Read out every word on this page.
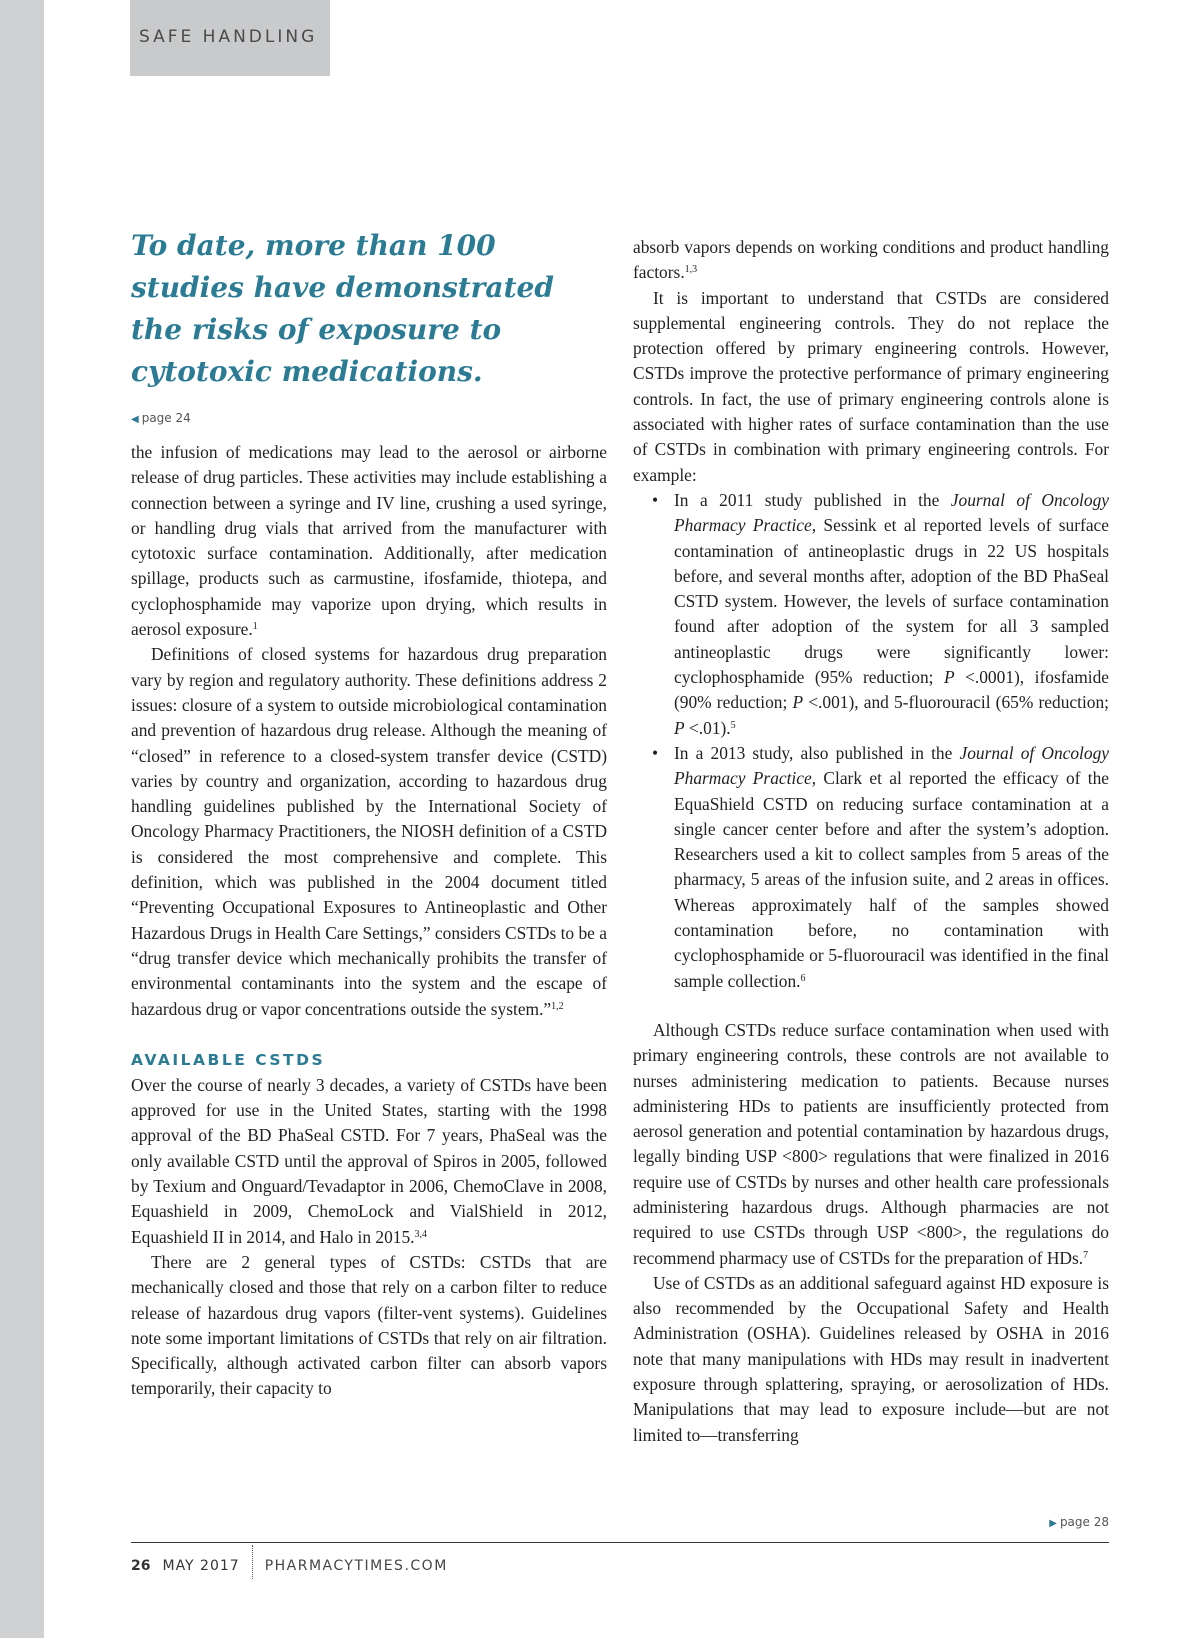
SAFE HANDLING
To date, more than 100 studies have demonstrated the risks of exposure to cytotoxic medications.
◀ page 24

the infusion of medications may lead to the aerosol or airborne release of drug particles. These activities may include establishing a connection between a syringe and IV line, crushing a used syringe, or handling drug vials that arrived from the manufacturer with cytotoxic surface contamination. Additionally, after medication spillage, products such as carmustine, ifosfamide, thiotepa, and cyclophosphamide may vaporize upon drying, which results in aerosol exposure.$^1$

Definitions of closed systems for hazardous drug preparation vary by region and regulatory authority. These definitions address 2 issues: closure of a system to outside microbiological contamination and prevention of hazardous drug release. Although the meaning of “closed” in reference to a closed-system transfer device (CSTD) varies by country and organization, according to hazardous drug handling guidelines published by the International Society of Oncology Pharmacy Practitioners, the NIOSH definition of a CSTD is considered the most comprehensive and complete. This definition, which was published in the 2004 document titled “Preventing Occupational Exposures to Antineoplastic and Other Hazardous Drugs in Health Care Settings,” considers CSTDs to be a “drug transfer device which mechanically prohibits the transfer of environmental contaminants into the system and the escape of hazardous drug or vapor concentrations outside the system.”$^{1,2}$

AVAILABLE CSTDS

Over the course of nearly 3 decades, a variety of CSTDs have been approved for use in the United States, starting with the 1998 approval of the BD PhaSeal CSTD. For 7 years, PhaSeal was the only available CSTD until the approval of Spiros in 2005, followed by Texium and Onguard/Tevadaptor in 2006, ChemoClave in 2008, Equashield in 2009, ChemoLock and VialShield in 2012, Equashield II in 2014, and Halo in 2015.$^{3,4}$

There are 2 general types of CSTDs: CSTDs that are mechanically closed and those that rely on a carbon filter to reduce release of hazardous drug vapors (filter-vent systems). Guidelines note some important limitations of CSTDs that rely on air filtration. Specifically, although activated carbon filter can absorb vapors temporarily, their capacity to

absorb vapors depends on working conditions and product handling factors.$^{1,3}$

It is important to understand that CSTDs are considered supplemental engineering controls. They do not replace the protection offered by primary engineering controls. However, CSTDs improve the protective performance of primary engineering controls. In fact, the use of primary engineering controls alone is associated with higher rates of surface contamination than the use of CSTDs in combination with primary engineering controls. For example:

• In a 2011 study published in the Journal of Oncology Pharmacy Practice, Sessink et al reported levels of surface contamination of antineoplastic drugs in 22 US hospitals before, and several months after, adoption of the BD PhaSeal CSTD system. However, the levels of surface contamination found after adoption of the system for all 3 sampled antineoplastic drugs were significantly lower: cyclophosphamide (95% reduction; P <.0001), ifosfamide (90% reduction; P <.001), and 5-fluorouracil (65% reduction; P <.01).$^5$
• In a 2013 study, also published in the Journal of Oncology Pharmacy Practice, Clark et al reported the efficacy of the EquaShield CSTD on reducing surface contamination at a single cancer center before and after the system’s adoption. Researchers used a kit to collect samples from 5 areas of the pharmacy, 5 areas of the infusion suite, and 2 areas in offices. Whereas approximately half of the samples showed contamination before, no contamination with cyclophosphamide or 5-fluorouracil was identified in the final sample collection.$^6$

Although CSTDs reduce surface contamination when used with primary engineering controls, these controls are not available to nurses administering medication to patients. Because nurses administering HDs to patients are insufficiently protected from aerosol generation and potential contamination by hazardous drugs, legally binding USP <800> regulations that were finalized in 2016 require use of CSTDs by nurses and other health care professionals administering hazardous drugs. Although pharmacies are not required to use CSTDs through USP <800>, the regulations do recommend pharmacy use of CSTDs for the preparation of HDs.$^7$

Use of CSTDs as an additional safeguard against HD exposure is also recommended by the Occupational Safety and Health Administration (OSHA). Guidelines released by OSHA in 2016 note that many manipulations with HDs may result in inadvertent exposure through splattering, spraying, or aerosolization of HDs. Manipulations that may lead to exposure include—but are not limited to—transferring

▶ page 28
26 MAY 2017 PHARMACYTIMES.COM
